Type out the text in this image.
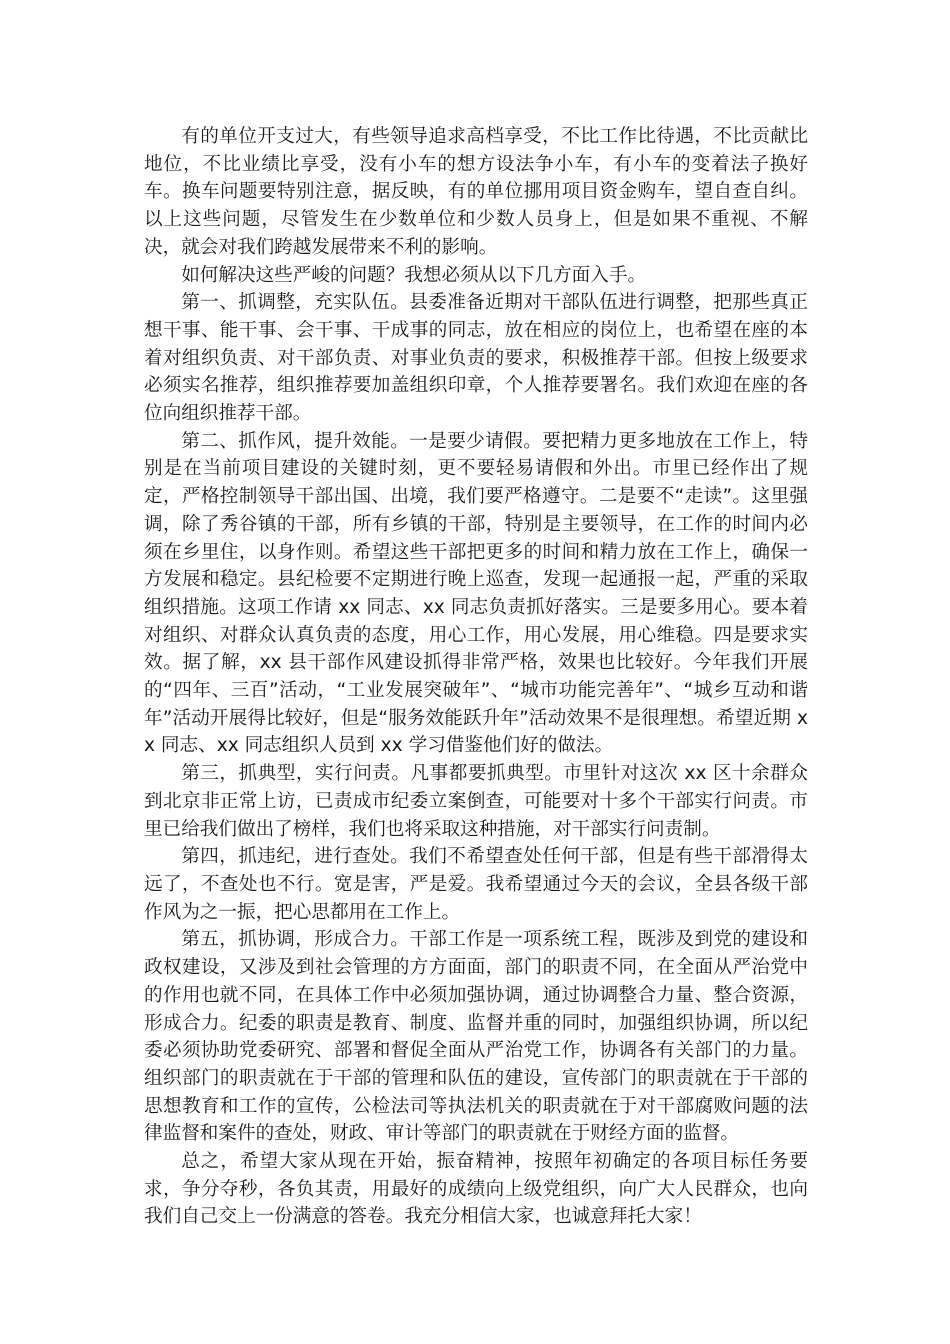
有的单位开支过大，有些领导追求高档享受，不比工作比待遇，不比贡献比地位，不比业绩比享受，没有小车的想方设法争小车，有小车的变着法子换好车。换车问题要特别注意，据反映，有的单位挪用项目资金购车，望自查自纠。以上这些问题，尽管发生在少数单位和少数人员身上，但是如果不重视、不解决，就会对我们跨越发展带来不利的影响。

如何解决这些严峻的问题？我想必须从以下几方面入手。

第一、抓调整，充实队伍。县委准备近期对干部队伍进行调整，把那些真正想干事、能干事、会干事、干成事的同志，放在相应的岗位上，也希望在座的本着对组织负责、对干部负责、对事业负责的要求，积极推荐干部。但按上级要求必须实名推荐，组织推荐要加盖组织印章，个人推荐要署名。我们欢迎在座的各位向组织推荐干部。

第二、抓作风，提升效能。一是要少请假。要把精力更多地放在工作上，特别是在当前项目建设的关键时刻，更不要轻易请假和外出。市里已经作出了规定，严格控制领导干部出国、出境，我们要严格遵守。二是要不“走读”。这里强调，除了秀谷镇的干部，所有乡镇的干部，特别是主要领导，在工作的时间内必须在乡里住，以身作则。希望这些干部把更多的时间和精力放在工作上，确保一方发展和稳定。县纪检要不定期进行晚上巡查，发现一起通报一起，严重的采取组织措施。这项工作请 xx 同志、xx 同志负责抓好落实。三是要多用心。要本着对组织、对群众认真负责的态度，用心工作，用心发展，用心维稳。四是要求实效。据了解，xx 县干部作风建设抓得非常严格，效果也比较好。今年我们开展的“四年、三百”活动，“工业发展突破年”、“城市功能完善年”、“城乡互动和谐年”活动开展得比较好，但是“服务效能跃升年”活动效果不是很理想。希望近期 xx 同志、xx 同志组织人员到 xx 学习借鉴他们好的做法。

第三，抓典型，实行问责。凡事都要抓典型。市里针对这次 xx 区十余群众到北京非正常上访，已责成市纪委立案倒查，可能要对十多个干部实行问责。市里已给我们做出了榜样，我们也将采取这种措施，对干部实行问责制。

第四，抓违纪，进行查处。我们不希望查处任何干部，但是有些干部滑得太远了，不查处也不行。宽是害，严是爱。我希望通过今天的会议，全县各级干部作风为之一振，把心思都用在工作上。

第五，抓协调，形成合力。干部工作是一项系统工程，既涉及到党的建设和政权建设，又涉及到社会管理的方方面面，部门的职责不同，在全面从严治党中的作用也就不同，在具体工作中必须加强协调，通过协调整合力量、整合资源，形成合力。纪委的职责是教育、制度、监督并重的同时，加强组织协调，所以纪委必须协助党委研究、部署和督促全面从严治党工作，协调各有关部门的力量。组织部门的职责就在于干部的管理和队伍的建设，宣传部门的职责就在于干部的思想教育和工作的宣传，公检法司等执法机关的职责就在于对干部腐败问题的法律监督和案件的查处，财政、审计等部门的职责就在于财经方面的监督。

总之，希望大家从现在开始，振奋精神，按照年初确定的各项目标任务要求，争分夺秒，各负其责，用最好的成绩向上级党组织，向广大人民群众，也向我们自己交上一份满意的答卷。我充分相信大家，也诚意拜托大家！
